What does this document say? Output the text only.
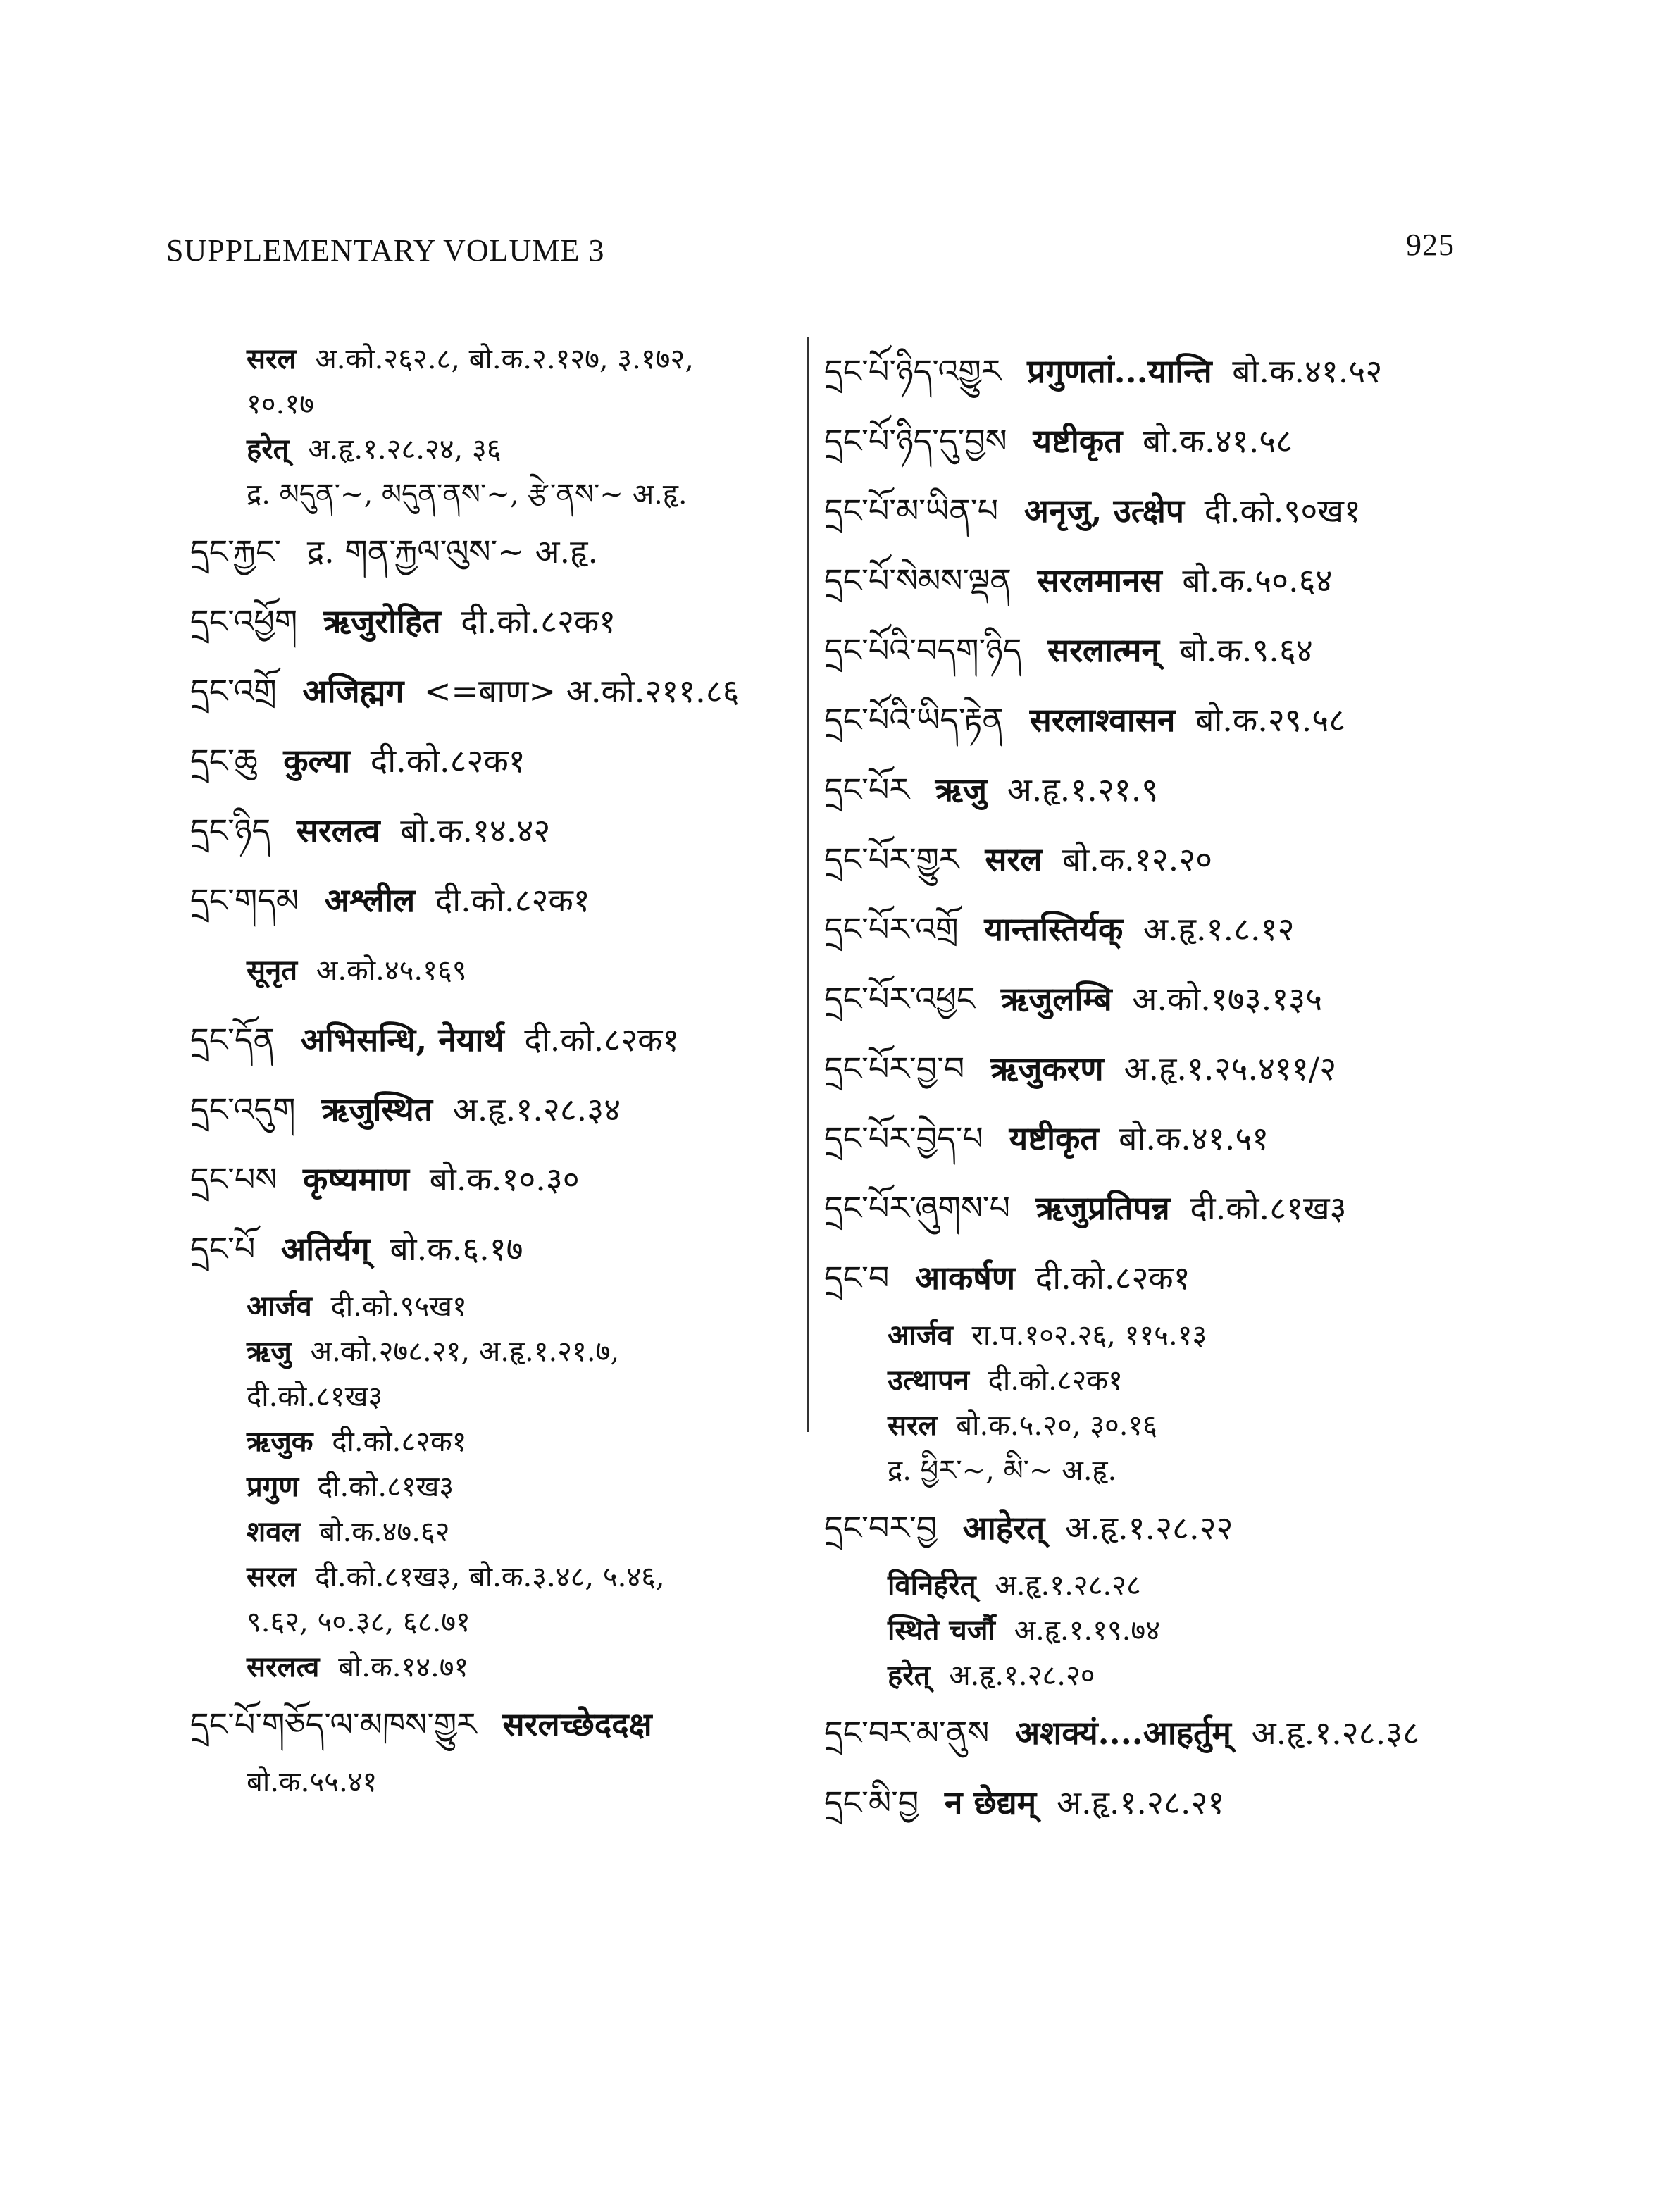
SUPPLEMENTARY VOLUME 3	925
सरल अ.को.२६२.८, बो.क.२.१२७, ३.१७२,
१०.१७
हरेत् अ.हृ.१.२८.२४, ३६
द्र. མདུན་~, མདུན་ནས་~, རྩེ་ནས་~ अ.हृ.
དྲང་རྐྱང་ द्र. གན་རྐྱལ་ལུས་~ अ.हृ.
དྲང་འཕྱོག ऋजुरोहित दी.को.८२क१
དྲང་འགྲོ अजिह्मग <=बाण> अ.को.२११.८६
དྲང་ཆུ कुल्या दी.को.८२क१
དྲང་ཉིད सरलत्व बो.क.१४.४२
དྲང་གདམ अश्लील दी.को.८२क१
सूनृत अ.को.४५.१६९
དྲང་དོན अभिसन्धि, नेयार्थ दी.को.८२क१
དྲང་འདུག ऋजुस्थित अ.हृ.१.२८.३४
དྲང་པས कृष्यमाण बो.क.१०.३०
དྲང་པོ अतिर्यग् बो.क.६.१७
आर्जव दी.को.९५ख१
ऋजु अ.को.२७८.२१, अ.हृ.१.२१.७,
दी.को.८१ख३
ऋजुक दी.को.८२क१
प्रगुण दी.को.८१ख३
शवल बो.क.४७.६२
सरल दी.को.८१ख३, बो.क.३.४८, ५.४६,
९.६२, ५०.३८, ६८.७१
सरलत्व बो.क.१४.७१
དྲང་པོ་གཅོད་ལ་མཁས་གྱུར सरलच्छेददक्ष
बो.क.५५.४१
དྲང་པོ་ཉིད་འགྱུར प्रगुणतां...यान्ति बो.क.४१.५२
དྲང་པོ་ཉིད་དུ་བྱས यष्टीकृत बो.क.४१.५८
དྲང་པོ་མ་ཡིན་པ अनृजु, उत्क्षेप दी.को.९०ख१
དྲང་པོ་སེམས་ལྡན सरलमानस बो.क.५०.६४
དྲང་པོའི་བདག་ཉིད सरलात्मन् बो.क.९.६४
དྲང་པོའི་ཡིད་རྟེན सरलाश्वासन बो.क.२९.५८
དྲང་པོར ऋजु अ.हृ.१.२१.९
དྲང་པོར་གྱུར सरल बो.क.१२.२०
དྲང་པོར་འགྲོ यान्तस्तिर्यक् अ.हृ.१.८.१२
དྲང་པོར་འཕྱང ऋजुलम्बि अ.को.१७३.१३५
དྲང་པོར་བྱ་བ ऋजुकरण अ.हृ.१.२५.४११/२
དྲང་པོར་བྱེད་པ यष्टीकृत बो.क.४१.५१
དྲང་པོར་ཞུགས་པ ऋजुप्रतिपन्न दी.को.८१ख३
དྲང་བ आकर्षण दी.को.८२क१
आर्जव रा.प.१०२.२६, ११५.१३
उत्थापन दी.को.८२क१
सरल बो.क.५.२०, ३०.१६
द्र. ཕྱིར་~, མི་~ अ.हृ.
དྲང་བར་བྱ आहेरत् अ.हृ.१.२८.२२
विनिर्हरेत् अ.हृ.१.२८.२८
स्थिते चर्जौ अ.हृ.१.१९.७४
हरेत् अ.हृ.१.२८.२०
དྲང་བར་མ་ནུས अशक्यं....आहर्तुम् अ.हृ.१.२८.३८
དྲང་མི་བྱ न छेद्यम् अ.हृ.१.२८.२१
